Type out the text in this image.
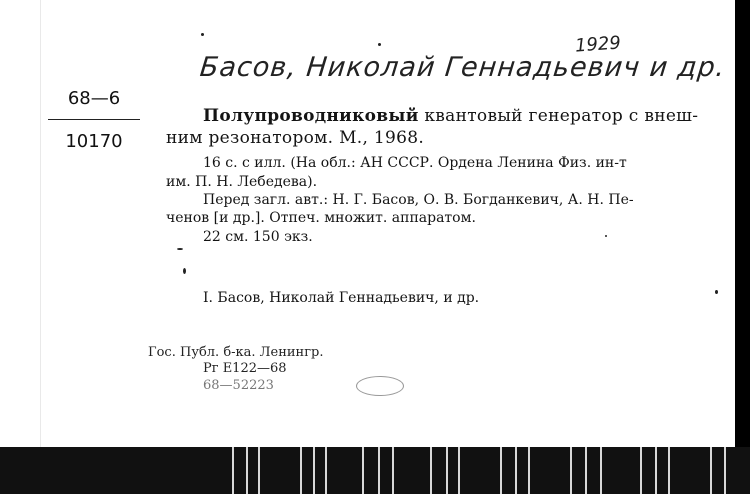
Басов, Николай Геннадьевич и др.
1929
68—6
10170
Полупроводниковый квантовый генератор с внеш-
ним резонатором. М., 1968.
16 с. с илл. (На обл.: АН СССР. Ордена Ленина Физ. ин-т
им. П. Н. Лебедева).
Перед загл. авт.: Н. Г. Басов, О. В. Богданкевич, А. Н. Пе-
ченов [и др.]. Отпеч. множит. аппаратом.
22 см. 150 экз.
I. Басов, Николай Геннадьевич, и др.
Гос. Публ. б-ка. Ленингр.
Рг Е122—68
68—52223
